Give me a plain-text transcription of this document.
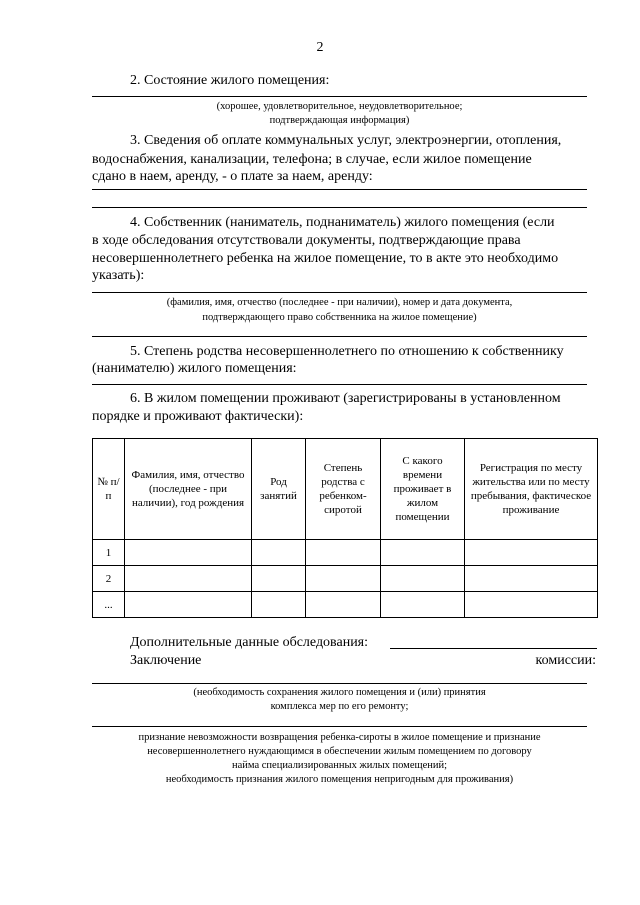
2
2. Состояние жилого помещения:
(хорошее, удовлетворительное, неудовлетворительное;
подтверждающая информация)
3. Сведения об оплате коммунальных услуг, электроэнергии, отопления,
водоснабжения, канализации, телефона; в случае, если жилое помещение
сдано в наем, аренду, - о плате за наем, аренду:
4. Собственник (наниматель, поднаниматель) жилого помещения (если
в ходе обследования отсутствовали документы, подтверждающие права
несовершеннолетнего ребенка на жилое помещение, то в акте это необходимо
указать):
(фамилия, имя, отчество (последнее - при наличии), номер и дата документа,
подтверждающего право собственника на жилое помещение)
5. Степень родства несовершеннолетнего по отношению к собственнику
(нанимателю) жилого помещения:
6. В жилом помещении проживают (зарегистрированы в установленном
порядке и проживают фактически):
№ п/п	Фамилия, имя, отчество (последнее - при наличии), год рождения	Род занятий	Степень родства с ребенком-сиротой	С какого времени проживает в жилом помещении	Регистрация по месту жительства или по месту пребывания, фактическое проживание
1					
2					
...					
Дополнительные данные обследования:
Заключение	комиссии:
(необходимость сохранения жилого помещения и (или) принятия
комплекса мер по его ремонту;
признание невозможности возвращения ребенка-сироты в жилое помещение и признание
несовершеннолетнего нуждающимся в обеспечении жилым помещением по договору
найма специализированных жилых помещений;
необходимость признания жилого помещения непригодным для проживания)
